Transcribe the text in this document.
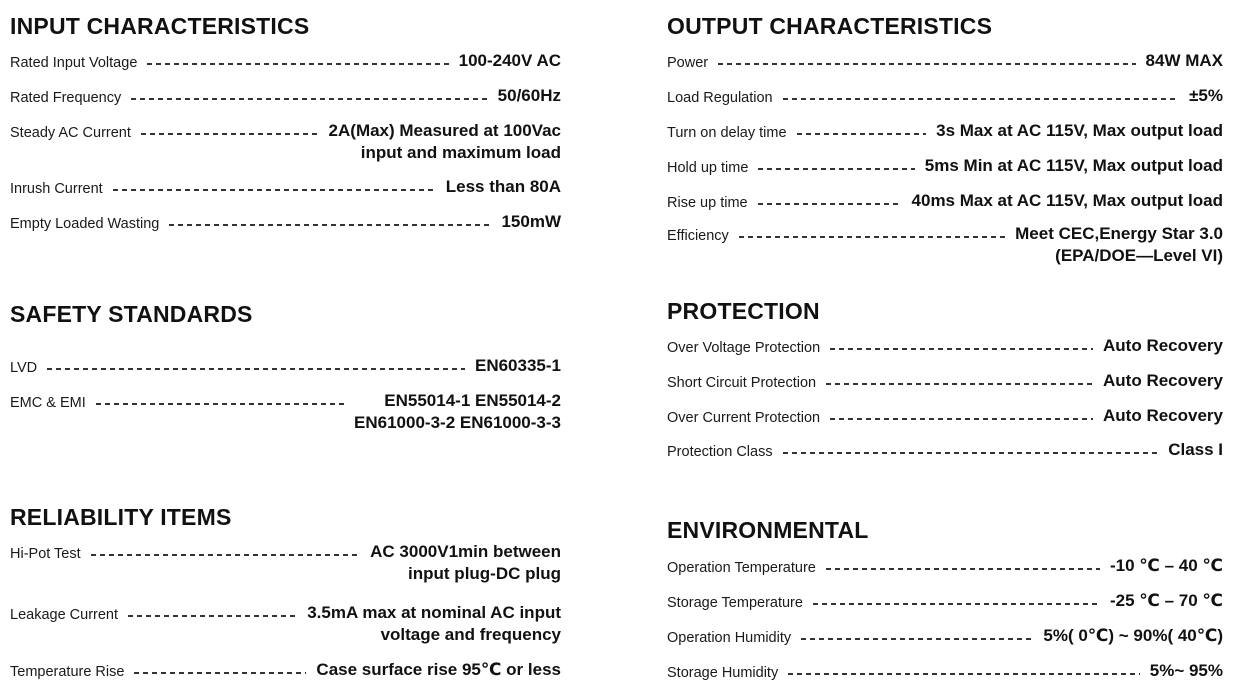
INPUT CHARACTERISTICS
Rated Input Voltage	100-240V AC
Rated Frequency	50/60Hz
Steady AC Current	2A(Max) Measured at 100Vac
input and maximum load
Inrush Current	Less than 80A
Empty Loaded Wasting	150mW
SAFETY STANDARDS
LVD	EN60335-1
EMC & EMI	EN55014-1 EN55014-2
EN61000-3-2 EN61000-3-3
RELIABILITY ITEMS
Hi-Pot Test	AC 3000V1min between
input plug-DC plug
Leakage Current	3.5mA max at nominal AC input
voltage and frequency
Temperature Rise	Case surface rise 95℃ or less
OUTPUT CHARACTERISTICS
Power	84W MAX
Load Regulation	±5%
Turn on delay time	3s Max at AC 115V, Max output load
Hold up time	5ms Min at AC 115V, Max output load
Rise up time	40ms Max at AC 115V, Max output load
Efficiency	Meet CEC,Energy Star 3.0
(EPA/DOE—Level VI)
PROTECTION
Over Voltage Protection	Auto Recovery
Short Circuit Protection	Auto Recovery
Over Current Protection	Auto Recovery
Protection Class	Class I
ENVIRONMENTAL
Operation Temperature	-10 ℃ – 40 ℃
Storage Temperature	-25 ℃ – 70 ℃
Operation Humidity	5%( 0℃) ~ 90%( 40℃)
Storage Humidity	5%~ 95%
